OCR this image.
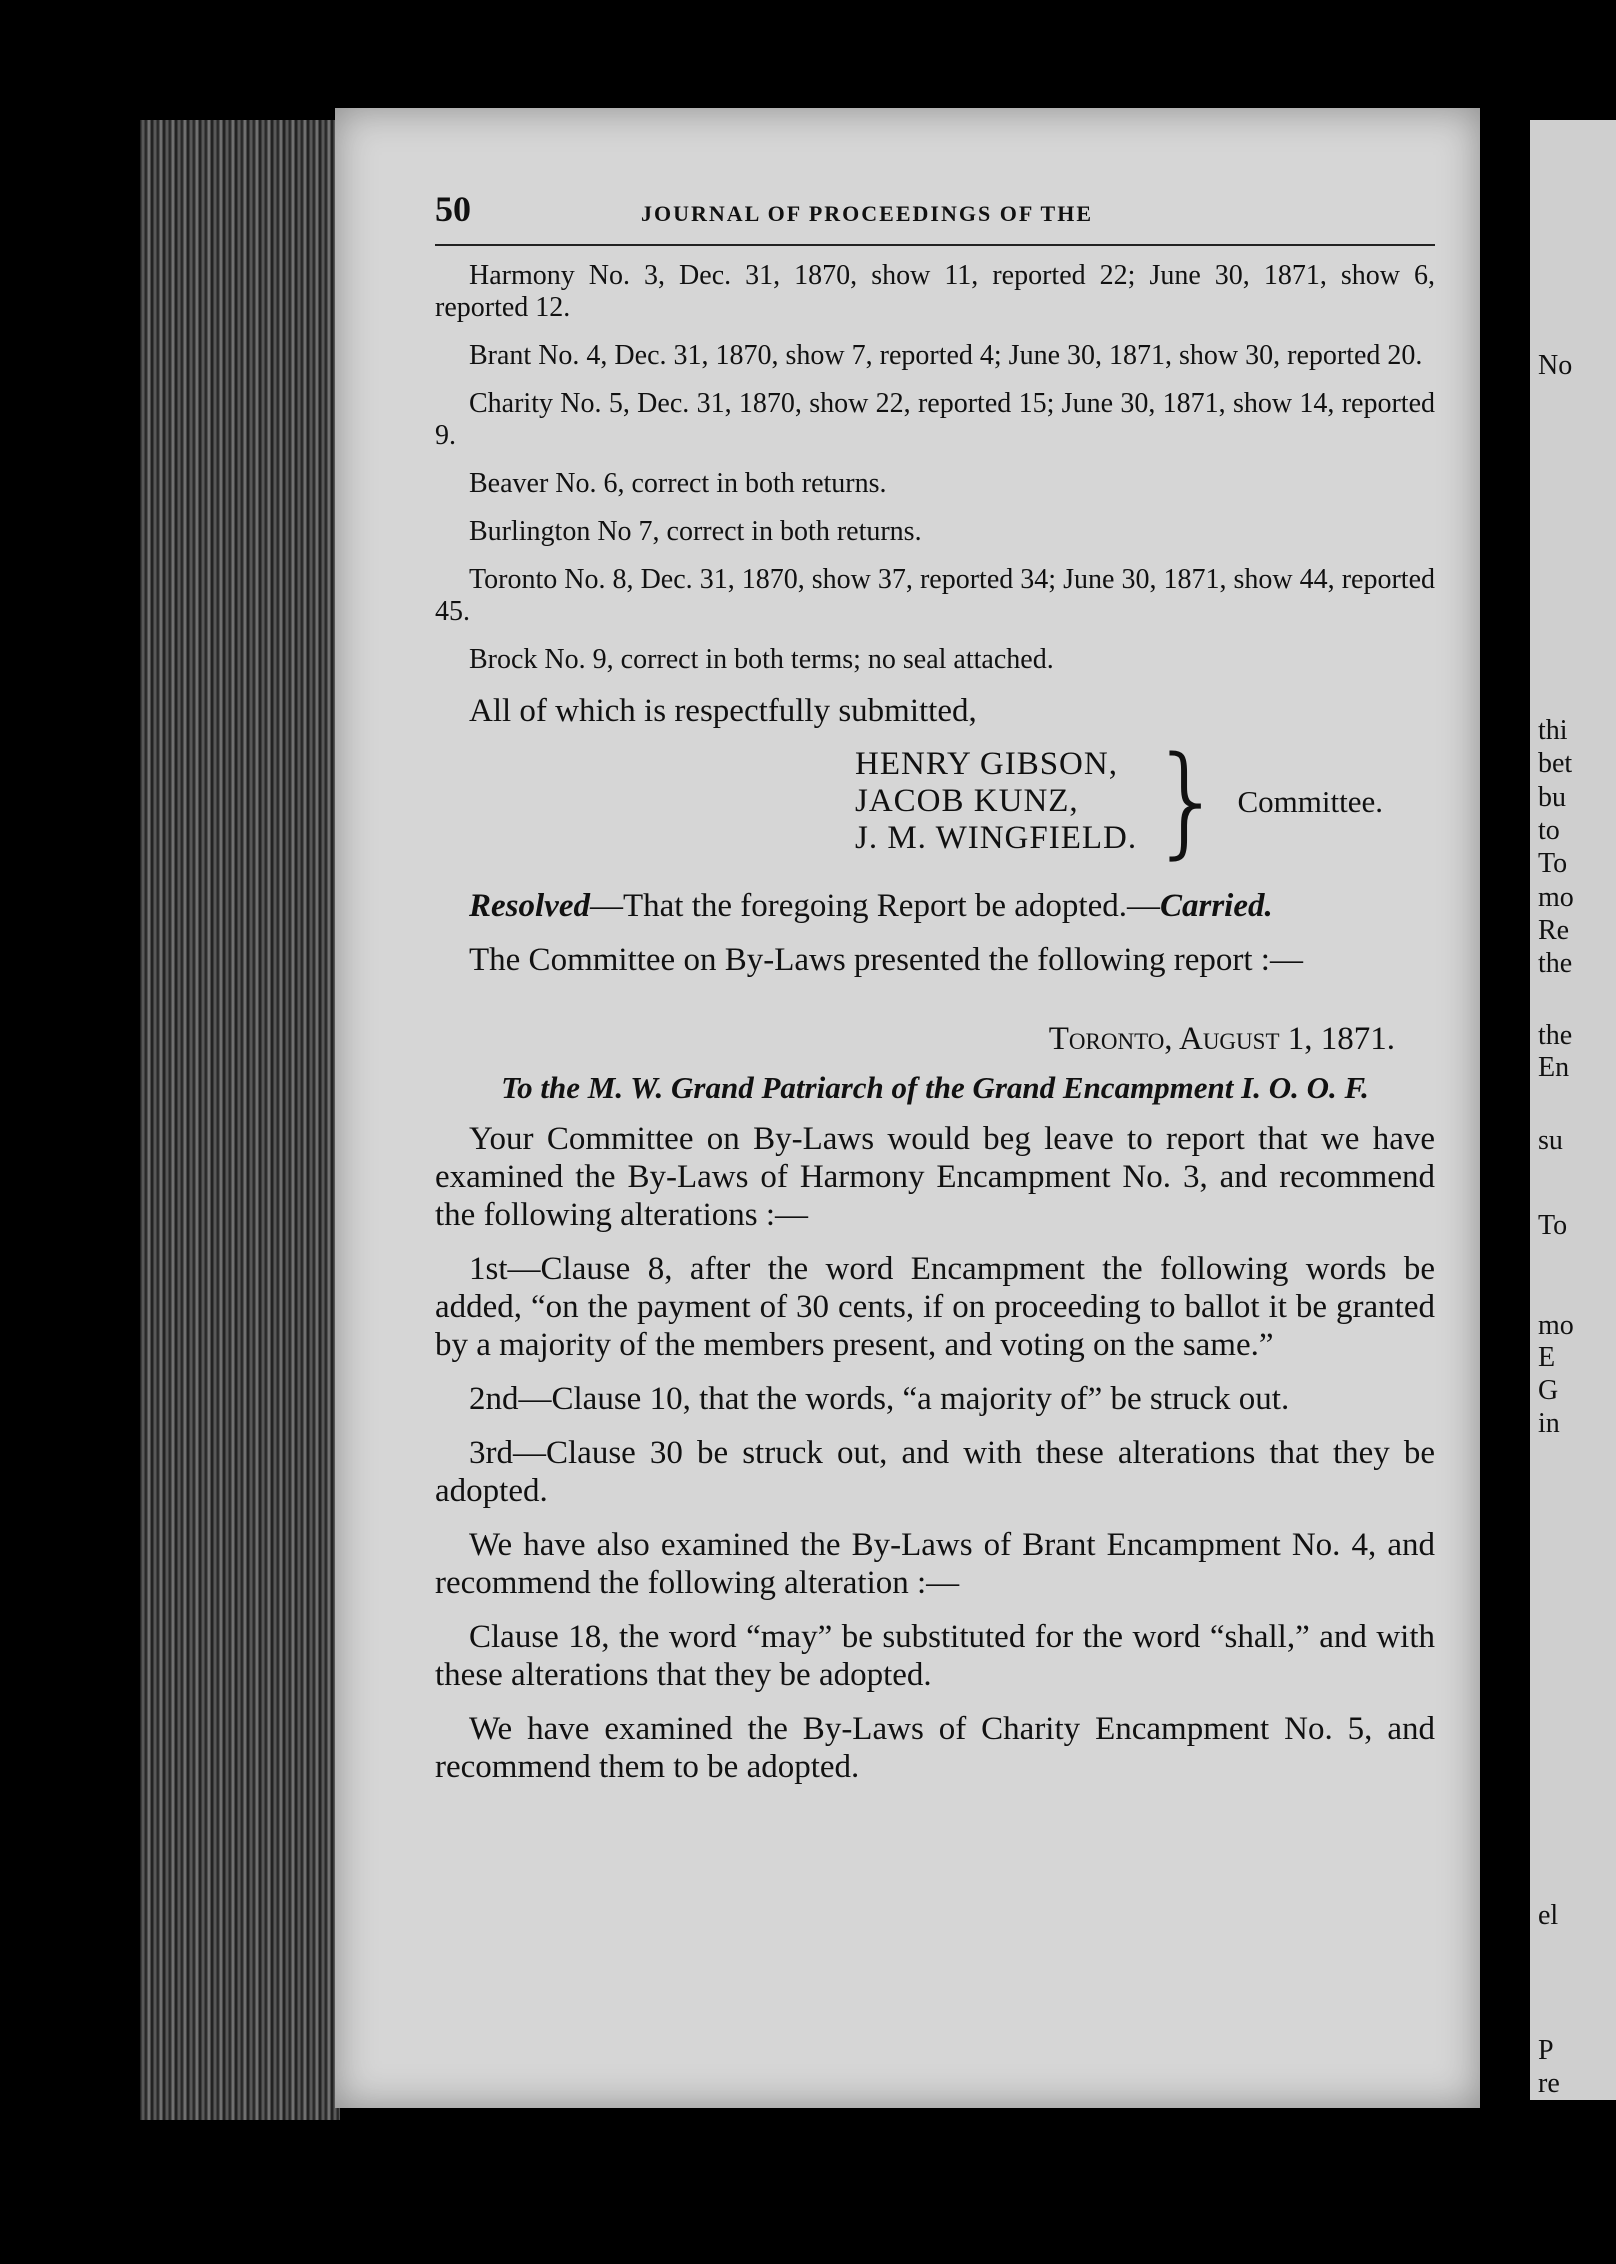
No
thi
bet
bu
to
To
mo
Re
the
the
En
su
To
mo
E
G
in
el
P
re
50	JOURNAL OF PROCEEDINGS OF THE

Harmony No. 3, Dec. 31, 1870, show 11, reported 22; June 30, 1871, show 6, reported 12.

Brant No. 4, Dec. 31, 1870, show 7, reported 4; June 30, 1871, show 30, reported 20.

Charity No. 5, Dec. 31, 1870, show 22, reported 15; June 30, 1871, show 14, reported 9.

Beaver No. 6, correct in both returns.

Burlington No 7, correct in both returns.

Toronto No. 8, Dec. 31, 1870, show 37, reported 34; June 30, 1871, show 44, reported 45.

Brock No. 9, correct in both terms; no seal attached.

All of which is respectfully submitted,

HENRY GIBSON,
JACOB KUNZ,
J. M. WINGFIELD. } Committee.

Resolved—That the foregoing Report be adopted.—Carried.

The Committee on By-Laws presented the following report :—

Toronto, August 1, 1871.
To the M. W. Grand Patriarch of the Grand Encampment I. O. O. F.

Your Committee on By-Laws would beg leave to report that we have examined the By-Laws of Harmony Encampment No. 3, and recommend the following alterations :—

1st—Clause 8, after the word Encampment the following words be added, “on the payment of 30 cents, if on proceeding to ballot it be granted by a majority of the members present, and voting on the same.”

2nd—Clause 10, that the words, “a majority of” be struck out.

3rd—Clause 30 be struck out, and with these alterations that they be adopted.

We have also examined the By-Laws of Brant Encampment No. 4, and recommend the following alteration :—

Clause 18, the word “may” be substituted for the word “shall,” and with these alterations that they be adopted.

We have examined the By-Laws of Charity Encampment No. 5, and recommend them to be adopted.
